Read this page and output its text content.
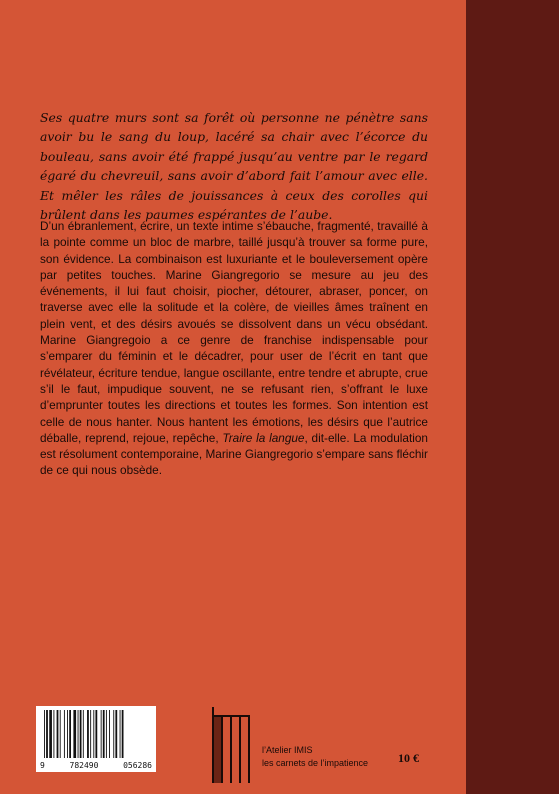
Ses quatre murs sont sa forêt où personne ne pénètre sans avoir bu le sang du loup, lacéré sa chair avec l’écorce du bouleau, sans avoir été frappé jusqu’au ventre par le regard égaré du chevreuil, sans avoir d’abord fait l’amour avec elle. Et mêler les râles de jouissances à ceux des corolles qui brûlent dans les paumes espérantes de l’aube.

D’un ébranlement, écrire, un texte intime s’ébauche, fragmenté, travaillé à la pointe comme un bloc de marbre, taillé jusqu’à trouver sa forme pure, son évidence. La combinaison est luxuriante et le bouleversement opère par petites touches. Marine Giangregorio se mesure au jeu des événements, il lui faut choisir, piocher, détourer, abraser, poncer, on traverse avec elle la solitude et la colère, de vieilles âmes traînent en plein vent, et des désirs avoués se dissolvent dans un vécu obsédant. Marine Giangregoio a ce genre de franchise indispensable pour s’emparer du féminin et le décadrer, pour user de l’écrit en tant que révélateur, écriture tendue, langue oscillante, entre tendre et abrupte, crue s’il le faut, impudique souvent, ne se refusant rien, s’offrant le luxe d’emprunter toutes les directions et toutes les formes. Son intention est celle de nous hanter. Nous hantent les émotions, les désirs que l’autrice déballe, reprend, rejoue, repêche, Traire la langue, dit-elle. La modulation est résolument contemporaine, Marine Giangregorio s’empare sans fléchir de ce qui nous obsède.

9	782490	056286
l’Atelier IMIS
les carnets de l’impatience 10 €
